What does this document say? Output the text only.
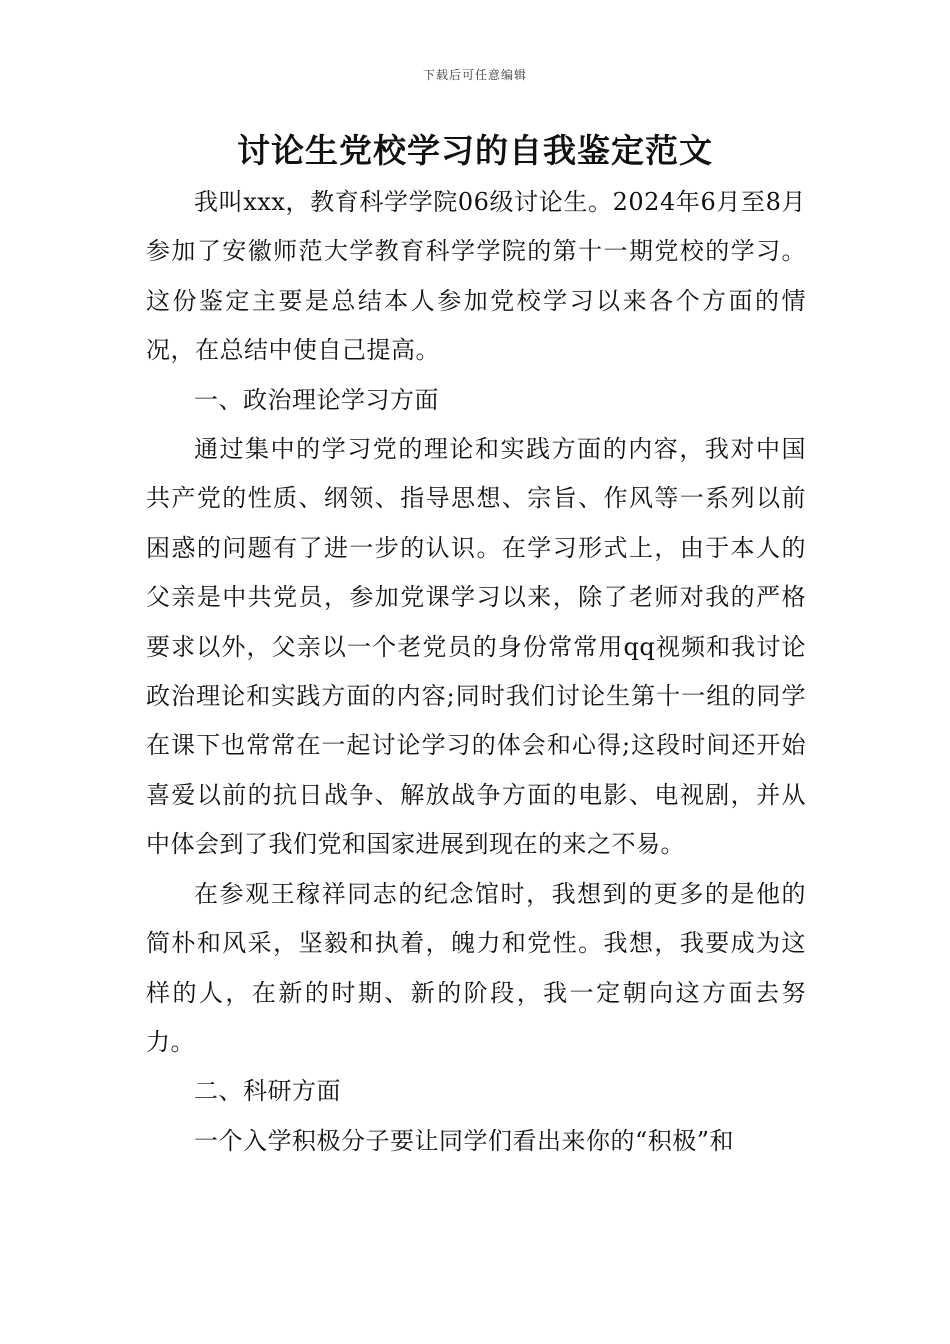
下载后可任意编辑
讨论生党校学习的自我鉴定范文

我叫xxx，教育科学学院06级讨论生。2024年6月至8月参加了安徽师范大学教育科学学院的第十一期党校的学习。这份鉴定主要是总结本人参加党校学习以来各个方面的情况，在总结中使自己提高。

一、政治理论学习方面

通过集中的学习党的理论和实践方面的内容，我对中国共产党的性质、纲领、指导思想、宗旨、作风等一系列以前困惑的问题有了进一步的认识。在学习形式上，由于本人的父亲是中共党员，参加党课学习以来，除了老师对我的严格要求以外，父亲以一个老党员的身份常常用qq视频和我讨论政治理论和实践方面的内容;同时我们讨论生第十一组的同学在课下也常常在一起讨论学习的体会和心得;这段时间还开始喜爱以前的抗日战争、解放战争方面的电影、电视剧，并从中体会到了我们党和国家进展到现在的来之不易。

在参观王稼祥同志的纪念馆时，我想到的更多的是他的简朴和风采，坚毅和执着，魄力和党性。我想，我要成为这样的人，在新的时期、新的阶段，我一定朝向这方面去努力。

二、科研方面

一个入学积极分子要让同学们看出来你的“积极”和
